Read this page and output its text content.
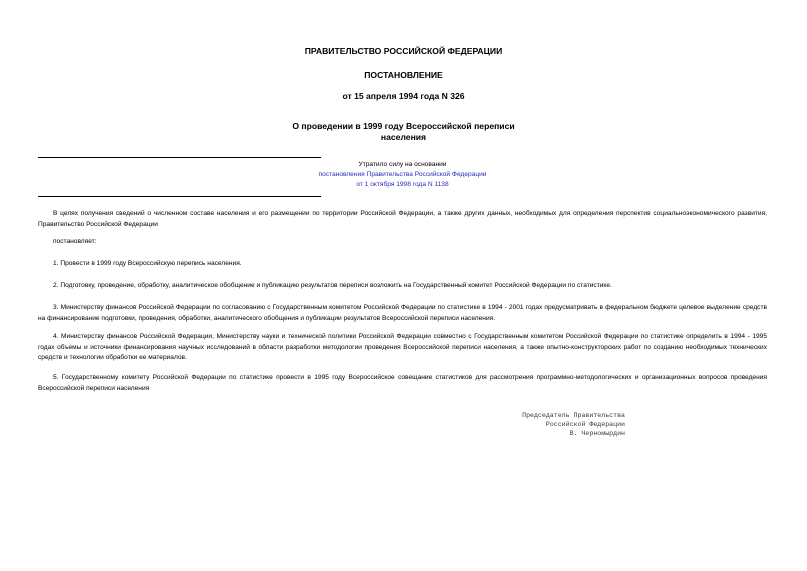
ПРАВИТЕЛЬСТВО РОССИЙСКОЙ ФЕДЕРАЦИИ
ПОСТАНОВЛЕНИЕ
от 15 апреля 1994 года N 326
О проведении в 1999 году Всероссийской переписи
населения
Утратило силу на основании
постановления Правительства Российской Федерации
от 1 октября 1998 года N 1138

В целях получения сведений о численном составе населения и его размещении по территории Российской Федерации, а также других данных, необходимых для определения перспектив социальноэкономического развития, Правительство Российской Федерации

постановляет:

1. Провести в 1999 году Всероссийскую перепись населения.

2. Подготовку, проведение, обработку, аналитическое обобщение и публикацию результатов переписи возложить на Государственный комитет Российской Федерации по статистике.

3. Министерству финансов Российской Федерации по согласованию с Государственным комитетом Российской Федерации по статистике в 1994 - 2001 годах предусматривать в федеральном бюджете целевое выделение средств на финансирование подготовки, проведения, обработки, аналитического обобщения и публикации результатов Всероссийской переписи населения.

4. Министерству финансов Российской Федерации, Министерству науки и технической политики Российской Федерации совместно с Государственным комитетом Российской Федерации по статистике определить в 1994 - 1995 годах объемы и источники финансирования научных исследований в области разработки методологии проведения Всероссийской переписи населения, а также опытно-конструкторских работ по созданию необходимых технических средств и технологии обработки ее материалов.

5. Государственному комитету Российской Федерации по статистике провести в 1995 году Всероссийское совещание статистиков для рассмотрения программно-методологических и организационных вопросов проведения Всероссийской переписи населения

Председатель Правительства
Российской Федерации
В. Черномырдин
